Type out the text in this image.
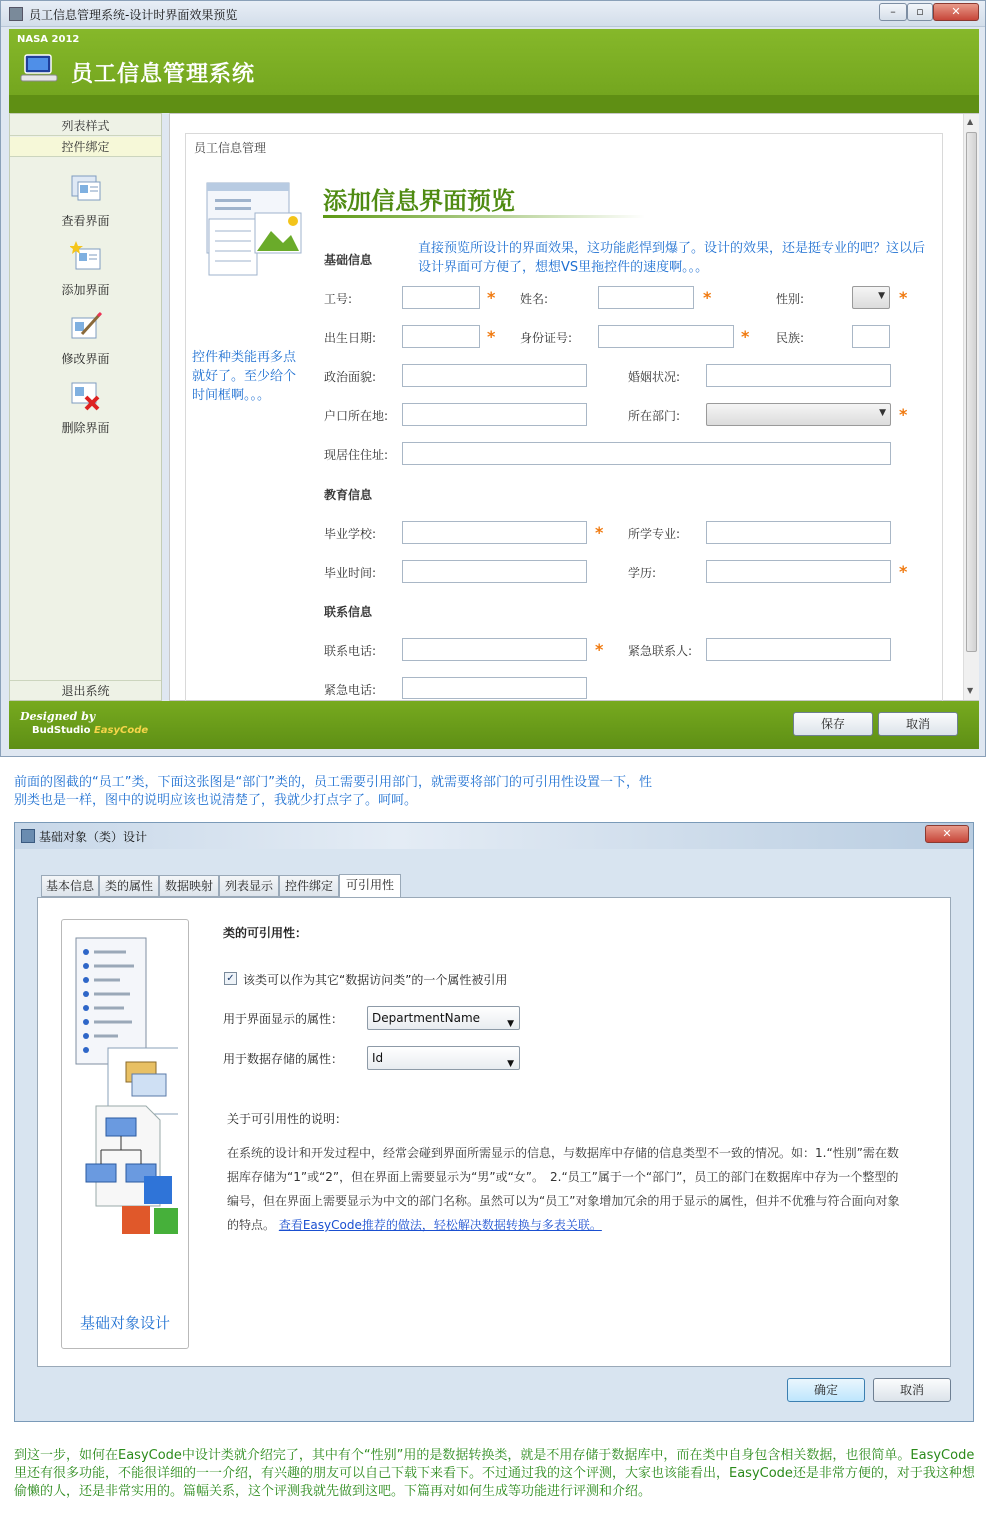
员工信息管理系统-设计时界面效果预览	–	▫	✕
NASA 2012
员工信息管理系统
列表样式
控件绑定
查看界面
添加界面
修改界面
删除界面
退出系统
▲
▼
员工信息管理
添加信息界面预览
控件种类能再多点就好了。至少给个时间框啊。。。
直接预览所设计的界面效果，这功能彪悍到爆了。设计的效果，还是挺专业的吧？这以后设计界面可方便了，想想VS里拖控件的速度啊。。。
基础信息
工号:	* 姓名:	*	性别:	▼ *
出生日期:	* 身份证号:	* 民族:
政治面貌:	婚姻状况:
户口所在地:	所在部门:	▼ *
现居住住址:
教育信息
毕业学校:	* 所学专业:
毕业时间:	学历:	*
联系信息
联系电话:	* 紧急联系人:
紧急电话:
Designed by
BudStudio EasyCode	保存	取消
前面的图截的“员工”类，下面这张图是“部门”类的，员工需要引用部门，就需要将部门的可引用性设置一下，性别类也是一样，图中的说明应该也说清楚了，我就少打点字了。呵呵。
基础对象（类）设计	✕
基本信息 类的属性 数据映射 列表显示 控件绑定	可引用性
基础对象设计
类的可引用性：
✓ 该类可以作为其它“数据访问类”的一个属性被引用
用于界面显示的属性：	DepartmentName	▼
用于数据存储的属性：	Id	▼
关于可引用性的说明：
在系统的设计和开发过程中，经常会碰到界面所需显示的信息，与数据库中存储的信息类型不一致的情况。如：1.“性别”需在数据库存储为“1”或“2”，但在界面上需要显示为“男”或“女”。　2.“员工”属于一个“部门”，员工的部门在数据库中存为一个整型的编号，但在界面上需要显示为中文的部门名称。虽然可以为“员工”对象增加冗余的用于显示的属性，但并不优雅与符合面向对象的特点。 查看EasyCode推荐的做法，轻松解决数据转换与多表关联。
确定	取消
到这一步，如何在EasyCode中设计类就介绍完了，其中有个“性别”用的是数据转换类，就是不用存储于数据库中，而在类中自身包含相关数据，也很简单。EasyCode里还有很多功能，不能很详细的一一介绍，有兴趣的朋友可以自己下载下来看下。不过通过我的这个评测，大家也该能看出，EasyCode还是非常方便的，对于我这种想偷懒的人，还是非常实用的。篇幅关系，这个评测我就先做到这吧。下篇再对如何生成等功能进行评测和介绍。
